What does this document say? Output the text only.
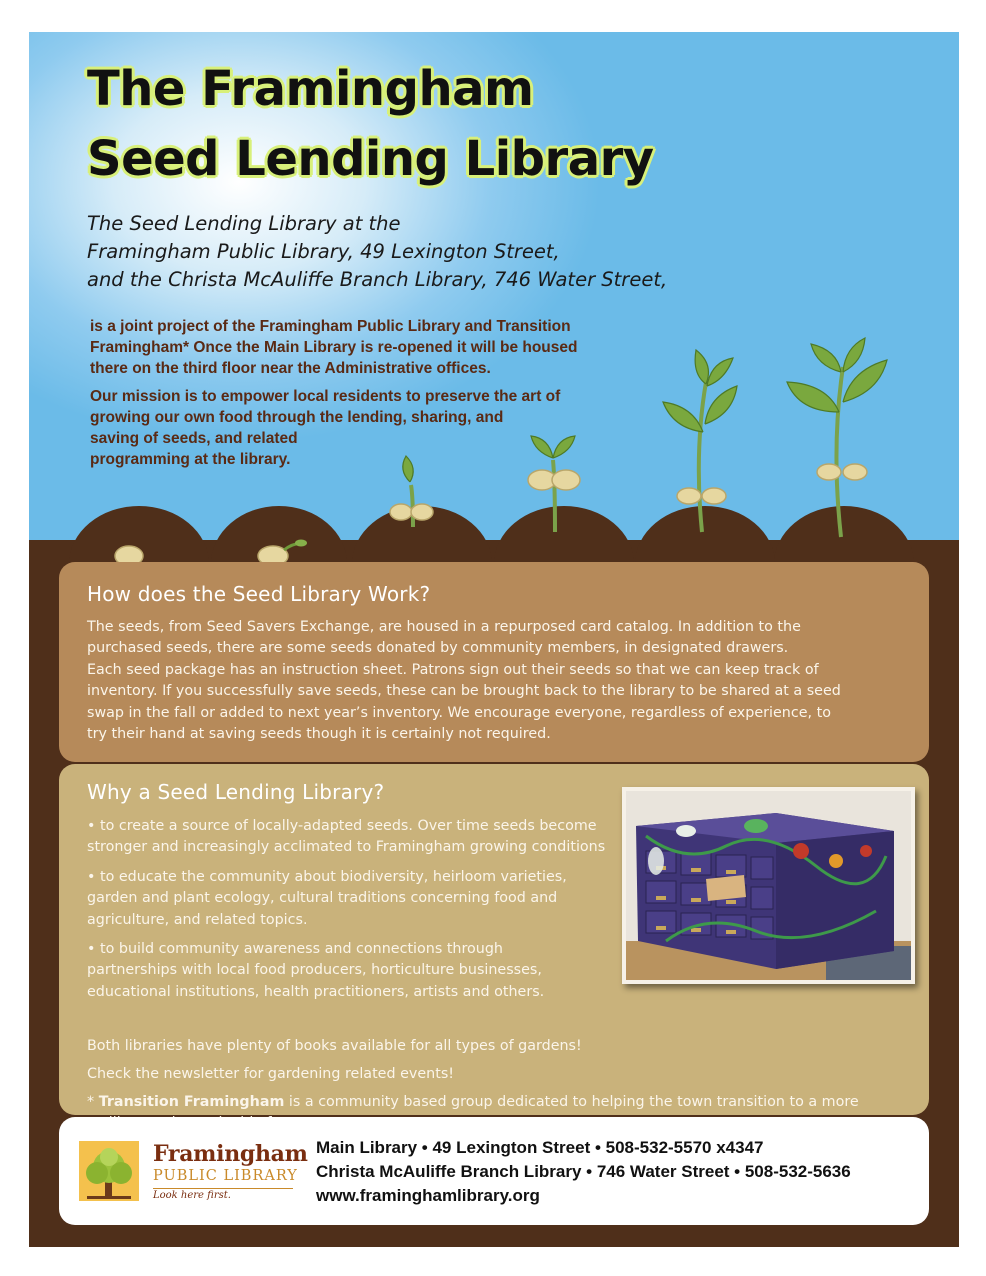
The Framingham
Seed Lending Library
The Seed Lending Library at the
Framingham Public Library, 49 Lexington Street,
and the Christa McAuliffe Branch Library, 746 Water Street,

is a joint project of the Framingham Public Library and Transition
Framingham* Once the Main Library is re-opened it will be housed
there on the third floor near the Administrative offices.

Our mission is to empower local residents to preserve the art of
growing our own food through the lending, sharing, and
saving of seeds, and related
programming at the library.

How does the Seed Library Work?

The seeds, from Seed Savers Exchange, are housed in a repurposed card catalog. In addition to the
purchased seeds, there are some seeds donated by community members, in designated drawers.
Each seed package has an instruction sheet. Patrons sign out their seeds so that we can keep track of
inventory. If you successfully save seeds, these can be brought back to the library to be shared at a seed
swap in the fall or added to next year’s inventory. We encourage everyone, regardless of experience, to
try their hand at saving seeds though it is certainly not required.

Why a Seed Lending Library?

• to create a source of locally-adapted seeds. Over time seeds become
stronger and increasingly acclimated to Framingham growing conditions

• to educate the community about biodiversity, heirloom varieties,
garden and plant ecology, cultural traditions concerning food and
agriculture, and related topics.

• to build community awareness and connections through
partnerships with local food producers, horticulture businesses,
educational institutions, health practitioners, artists and others.

Both libraries have plenty of books available for all types of gardens!

Check the newsletter for gardening related events!

* Transition Framingham is a community based group dedicated to helping the town transition to a more

Framingham
PUBLIC LIBRARY
Look here first.
Main Library • 49 Lexington Street • 508-532-5570 x4347
Christa McAuliffe Branch Library • 746 Water Street • 508-532-5636
www.framinghamlibrary.org
